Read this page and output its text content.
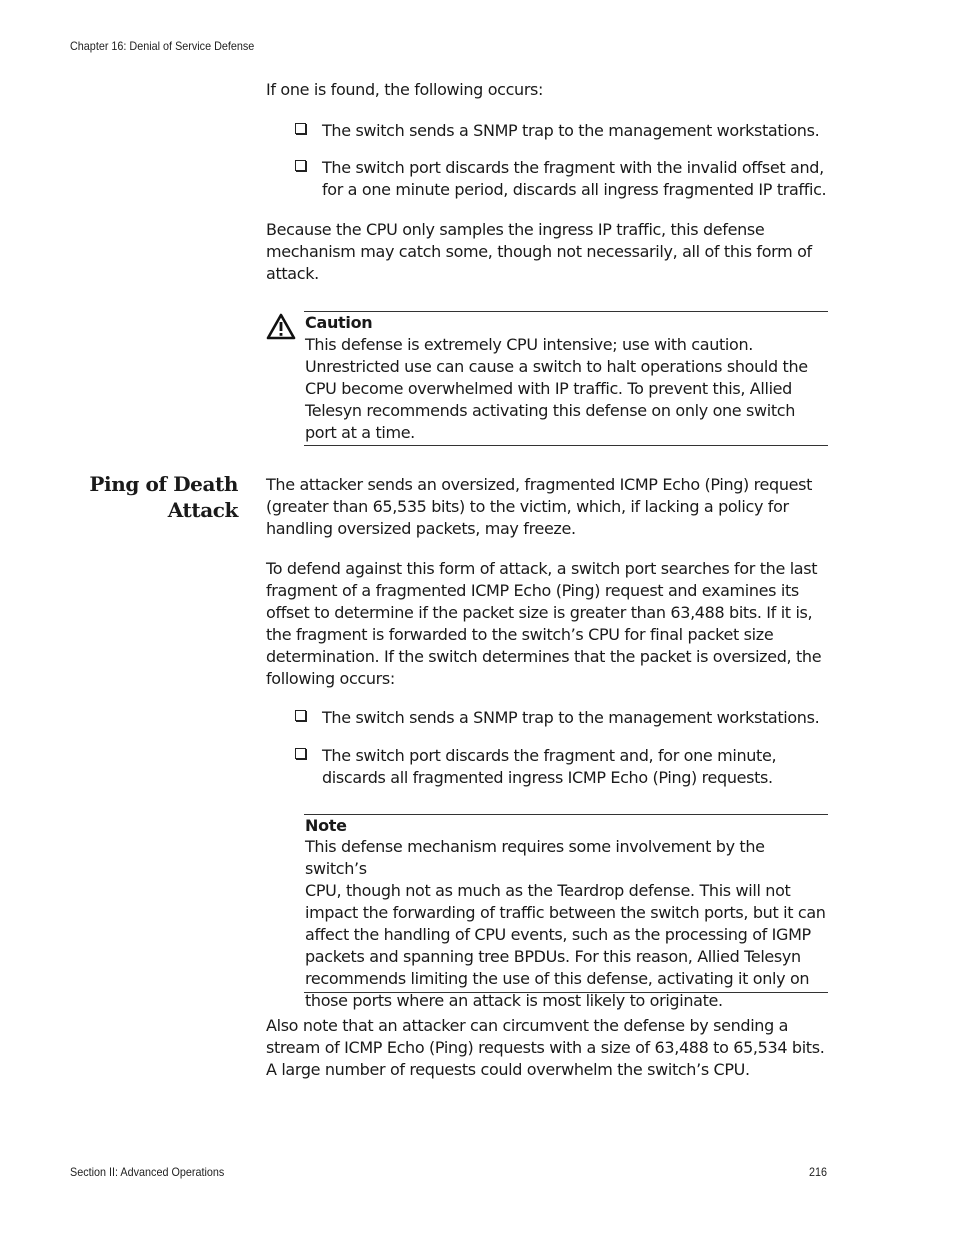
Chapter 16: Denial of Service Defense
If one is found, the following occurs:
The switch sends a SNMP trap to the management workstations.
The switch port discards the fragment with the invalid offset and,
for a one minute period, discards all ingress fragmented IP traffic.
Because the CPU only samples the ingress IP traffic, this defense
mechanism may catch some, though not necessarily, all of this form of
attack.
Caution
This defense is extremely CPU intensive; use with caution.
Unrestricted use can cause a switch to halt operations should the
CPU become overwhelmed with IP traffic. To prevent this, Allied
Telesyn recommends activating this defense on only one switch
port at a time.
Ping of Death
Attack
The attacker sends an oversized, fragmented ICMP Echo (Ping) request
(greater than 65,535 bits) to the victim, which, if lacking a policy for
handling oversized packets, may freeze.
To defend against this form of attack, a switch port searches for the last
fragment of a fragmented ICMP Echo (Ping) request and examines its
offset to determine if the packet size is greater than 63,488 bits. If it is,
the fragment is forwarded to the switch’s CPU for final packet size
determination. If the switch determines that the packet is oversized, the
following occurs:
The switch sends a SNMP trap to the management workstations.
The switch port discards the fragment and, for one minute,
discards all fragmented ingress ICMP Echo (Ping) requests.
Note
This defense mechanism requires some involvement by the switch’s
CPU, though not as much as the Teardrop defense. This will not
impact the forwarding of traffic between the switch ports, but it can
affect the handling of CPU events, such as the processing of IGMP
packets and spanning tree BPDUs. For this reason, Allied Telesyn
recommends limiting the use of this defense, activating it only on
those ports where an attack is most likely to originate.
Also note that an attacker can circumvent the defense by sending a
stream of ICMP Echo (Ping) requests with a size of 63,488 to 65,534 bits.
A large number of requests could overwhelm the switch’s CPU.
Section II: Advanced Operations	216
